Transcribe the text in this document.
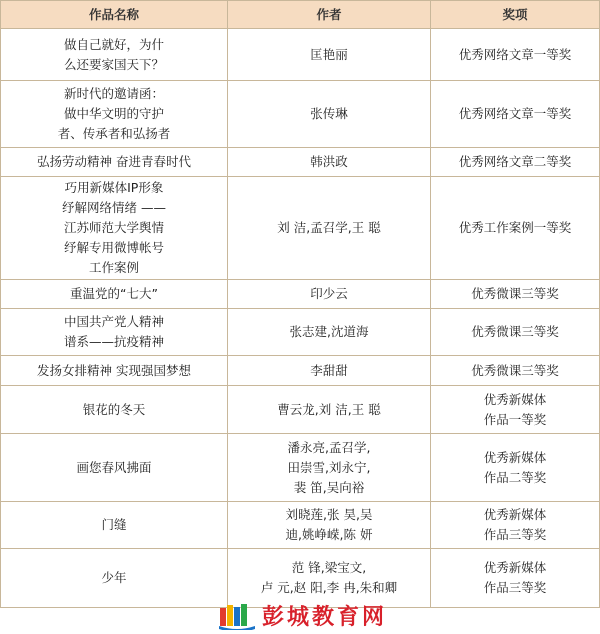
作品名称	作者	奖项

做自己就好，为什
么还要家国天下？	匡艳丽	优秀网络文章一等奖

新时代的邀请函：
做中华文明的守护
者、传承者和弘扬者	张传琳	优秀网络文章一等奖

弘扬劳动精神 奋进青春时代	韩洪政	优秀网络文章二等奖

巧用新媒体IP形象
纾解网络情绪 ——
江苏师范大学舆情
纾解专用微博帐号
工作案例	刘 洁,孟召学,王 聪	优秀工作案例一等奖

重温党的“七大”	印少云	优秀微课三等奖

中国共产党人精神
谱系——抗疫精神	张志建,沈道海	优秀微课三等奖

发扬女排精神 实现强国梦想	李甜甜	优秀微课三等奖

银花的冬天	曹云龙,刘 洁,王 聪	优秀新媒体
作品一等奖

画您春风拂面	潘永亮,孟召学,
田崇雪,刘永宁,
裴 笛,吴向裕	优秀新媒体
作品二等奖

门缝	刘晓莲,张 昊,吴
迪,姚峥嵘,陈 妍	优秀新媒体
作品三等奖

少年	范 锋,梁宝文,
卢 元,赵 阳,李 冉,朱和卿	优秀新媒体
作品三等奖
彭城教育网
